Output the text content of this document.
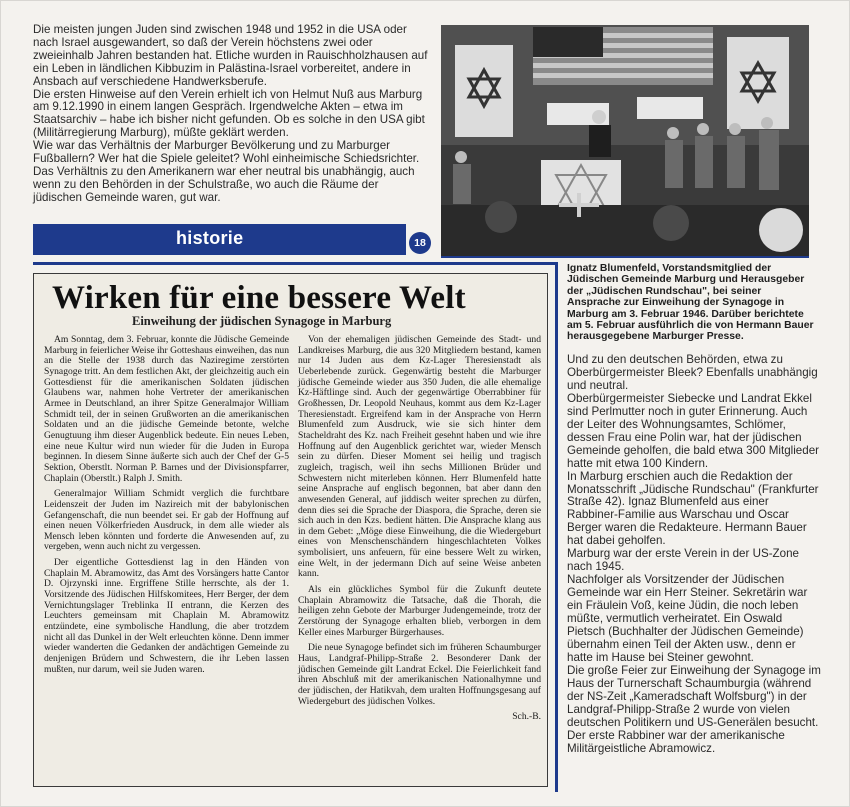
Die meisten jungen Juden sind zwischen 1948 und 1952 in die USA oder nach Israel ausgewandert, so daß der Verein höchstens zwei oder zweieinhalb Jahren bestanden hat. Etliche wurden in Rauischholzhausen auf ein Leben in ländlichen Kibbuzim in Palästina-Israel vorbereitet, andere in Ansbach auf verschiedene Handwerksberufe.

Die ersten Hinweise auf den Verein erhielt ich von Helmut Nuß aus Marburg am 9.12.1990 in einem langen Gespräch. Irgendwelche Akten – etwa im Staatsarchiv – habe ich bisher nicht gefunden. Ob es solche in den USA gibt (Militärregierung Marburg), müßte geklärt werden.

Wie war das Verhältnis der Marburger Bevölkerung und zu Marburger Fußballern? Wer hat die Spiele geleitet? Wohl einheimische Schiedsrichter. Das Verhältnis zu den Amerikanern war eher neutral bis unabhängig, auch wenn zu den Behörden in der Schulstraße, wo auch die Räume der jüdischen Gemeinde waren, gut war.

historie	18
Ignatz Blumenfeld, Vorstandsmitglied der Jüdischen Gemeinde Marburg und Herausgeber der „Jüdischen Rundschau", bei seiner Ansprache zur Einweihung der Synagoge in Marburg am 3. Februar 1946. Darüber berichtete am 5. Februar ausführlich die von Hermann Bauer herausgegebene Marburger Presse.
Wirken für eine bessere Welt
Einweihung der jüdischen Synagoge in Marburg

Am Sonntag, dem 3. Februar, konnte die Jüdische Gemeinde Marburg in feierlicher Weise ihr Gotteshaus einweihen, das nun an die Stelle der 1938 durch das Naziregime zerstörten Synagoge tritt. An dem festlichen Akt, der gleichzeitig auch ein Gottesdienst für die amerikanischen Soldaten jüdischen Glaubens war, nahmen hohe Vertreter der amerikanischen Armee in Deutschland, an ihrer Spitze Generalmajor William Schmidt teil, der in seinen Grußworten an die amerikanischen Soldaten und an die jüdische Gemeinde betonte, welche Genugtuung ihm dieser Augenblick bedeute. Ein neues Leben, eine neue Kultur wird nun wieder für die Juden in Europa beginnen. In diesem Sinne äußerte sich auch der Chef der G-5 Sektion, Oberstlt. Norman P. Barnes und der Divisionspfarrer, Chaplain (Oberstlt.) Ralph J. Smith.

Generalmajor William Schmidt verglich die furchtbare Leidenszeit der Juden im Nazireich mit der babylonischen Gefangenschaft, die nun beendet sei. Er gab der Hoffnung auf einen neuen Völkerfrieden Ausdruck, in dem alle wieder als Mensch leben könnten und forderte die Anwesenden auf, zu vergeben, wenn auch nicht zu vergessen.

Der eigentliche Gottesdienst lag in den Händen von Chaplain M. Abramowitz, das Amt des Vorsängers hatte Cantor D. Ojrzynski inne. Ergriffene Stille herrschte, als der 1. Vorsitzende des Jüdischen Hilfskomitees, Herr Berger, der dem Vernichtungslager Treblinka II entrann, die Kerzen des Leuchters gemeinsam mit Chaplain M. Abramowitz entzündete, eine symbolische Handlung, die aber trotzdem nicht all das Dunkel in der Welt erleuchten könne. Denn immer wieder wanderten die Gedanken der andächtigen Gemeinde zu denjenigen Brüdern und Schwestern, die ihr Leben lassen mußten, nur darum, weil sie Juden waren.

Von der ehemaligen jüdischen Gemeinde des Stadt- und Landkreises Marburg, die aus 320 Mitgliedern bestand, kamen nur 14 Juden aus dem Kz-Lager Theresienstadt als Ueberlebende zurück. Gegenwärtig besteht die Marburger jüdische Gemeinde wieder aus 350 Juden, die alle ehemalige Kz-Häftlinge sind. Auch der gegenwärtige Oberrabbiner für Großhessen, Dr. Leopold Neuhaus, kommt aus dem Kz-Lager Theresienstadt. Ergreifend kam in der Ansprache von Herrn Blumenfeld zum Ausdruck, wie sie sich hinter dem Stacheldraht des Kz. nach Freiheit gesehnt haben und wie ihre Hoffnung auf den Augenblick gerichtet war, wieder Mensch sein zu dürfen. Dieser Moment sei heilig und tragisch zugleich, tragisch, weil ihn sechs Millionen Brüder und Schwestern nicht miterleben können. Herr Blumenfeld hatte seine Ansprache auf englisch begonnen, bat aber dann den anwesenden General, auf jiddisch weiter sprechen zu dürfen, denn dies sei die Sprache der Diaspora, die Sprache, deren sie sich auch in den Kzs. bedient hätten. Die Ansprache klang aus in dem Gebet: „Möge diese Einweihung, die die Wiedergeburt eines von Menschenschändern hingeschlachteten Volkes symbolisiert, uns anfeuern, für eine bessere Welt zu wirken, eine Welt, in der jedermann Dich auf seine Weise anbeten kann.

Als ein glückliches Symbol für die Zukunft deutete Chaplain Abramowitz die Tatsache, daß die Thorah, die heiligen zehn Gebote der Marburger Judengemeinde, trotz der Zerstörung der Synagoge erhalten blieb, verborgen in dem Keller eines Marburger Bürgerhauses.

Die neue Synagoge befindet sich im früheren Schaumburger Haus, Landgraf-Philipp-Straße 2. Besonderer Dank der jüdischen Gemeinde gilt Landrat Eckel. Die Feierlichkeit fand ihren Abschluß mit der amerikanischen Nationalhymne und der jüdischen, der Hatikvah, dem uralten Hoffnungsgesang auf Wiedergeburt des jüdischen Volkes.

Sch.-B.

Und zu den deutschen Behörden, etwa zu Oberbürgermeister Bleek? Ebenfalls unabhängig und neutral.

Oberbürgermeister Siebecke und Landrat Ekkel sind Perlmutter noch in guter Erinnerung. Auch der Leiter des Wohnungsamtes, Schlömer, dessen Frau eine Polin war, hat der jüdischen Gemeinde geholfen, die bald etwa 300 Mitglieder hatte mit etwa 100 Kindern.

In Marburg erschien auch die Redaktion der Monatsschrift „Jüdische Rundschau" (Frankfurter Straße 42). Ignaz Blumenfeld aus einer Rabbiner-Familie aus Warschau und Oscar Berger waren die Redakteure. Hermann Bauer hat dabei geholfen.

Marburg war der erste Verein in der US-Zone nach 1945.

Nachfolger als Vorsitzender der Jüdischen Gemeinde war ein Herr Steiner. Sekretärin war ein Fräulein Voß, keine Jüdin, die noch leben müßte, vermutlich verheiratet. Ein Oswald Pietsch (Buchhalter der Jüdischen Gemeinde) übernahm einen Teil der Akten usw., denn er hatte im Hause bei Steiner gewohnt.

Die große Feier zur Einweihung der Synagoge im Haus der Turnerschaft Schaumburgia (während der NS-Zeit „Kameradschaft Wolfsburg") in der Landgraf-Philipp-Straße 2 wurde von vielen deutschen Politikern und US-Generälen besucht. Der erste Rabbiner war der amerikanische Militärgeistliche Abramowicz.
